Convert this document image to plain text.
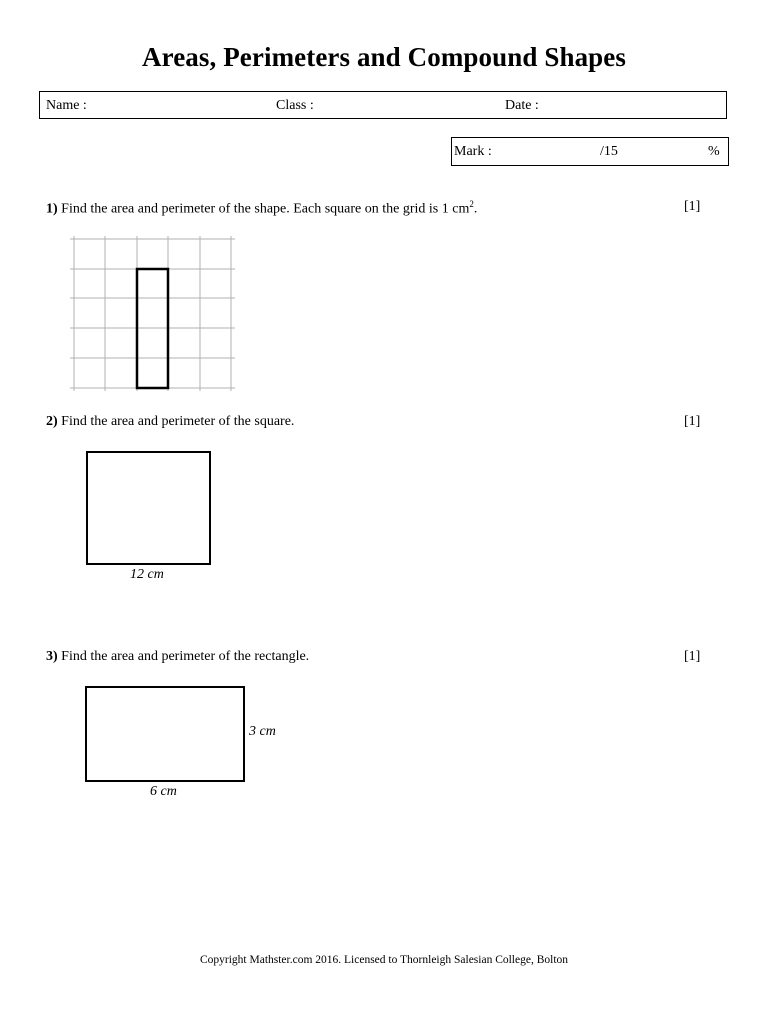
Areas, Perimeters and Compound Shapes
Name :	Class :	Date :
Mark :	/15	%
1) Find the area and perimeter of the shape. Each square on the grid is 1 $cm^2$.	[1]
2) Find the area and perimeter of the square.	[1]
12 cm
3) Find the area and perimeter of the rectangle.	[1]
3 cm
6 cm
Copyright Mathster.com 2016. Licensed to Thornleigh Salesian College, Bolton
